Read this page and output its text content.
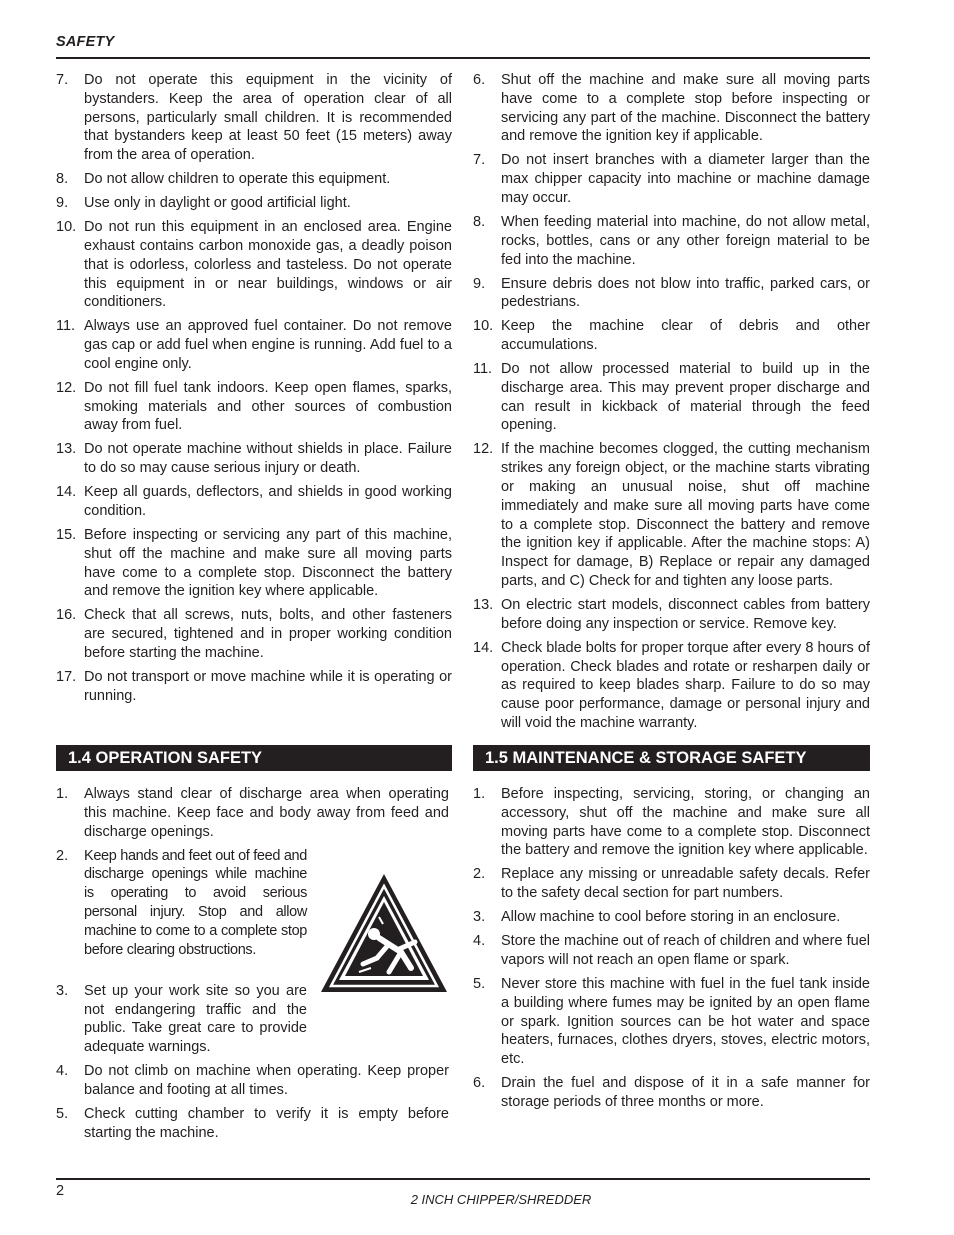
SAFETY
7.	Do not operate this equipment in the vicinity of bystanders. Keep the area of operation clear of all persons, particularly small children. It is recommended that bystanders keep at least 50 feet (15 meters) away from the area of operation.
8.	Do not allow children to operate this equipment.
9.	Use only in daylight or good artificial light.
10. Do not run this equipment in an enclosed area. Engine exhaust contains carbon monoxide gas, a deadly poison that is odorless, colorless and tasteless. Do not operate this equipment in or near buildings, windows or air conditioners.
11. Always use an approved fuel container. Do not remove gas cap or add fuel when engine is running. Add fuel to a cool engine only.
12. Do not fill fuel tank indoors. Keep open flames, sparks, smoking materials and other sources of combustion away from fuel.
13. Do not operate machine without shields in place. Failure to do so may cause serious injury or death.
14. Keep all guards, deflectors, and shields in good working condition.
15. Before inspecting or servicing any part of this machine, shut off the machine and make sure all moving parts have come to a complete stop. Disconnect the battery and remove the ignition key where applicable.
16. Check that all screws, nuts, bolts, and other fasteners are secured, tightened and in proper working condition before starting the machine.
17. Do not transport or move machine while it is operating or running.
6.	Shut off the machine and make sure all moving parts have come to a complete stop before inspecting or servicing any part of the machine. Disconnect the battery and remove the ignition key if applicable.
7.	Do not insert branches with a diameter larger than the max chipper capacity into machine or machine damage may occur.
8.	When feeding material into machine, do not allow metal, rocks, bottles, cans or any other foreign material to be fed into the machine.
9.	Ensure debris does not blow into traffic, parked cars, or pedestrians.
10. Keep the machine clear of debris and other accumulations.
11. Do not allow processed material to build up in the discharge area. This may prevent proper discharge and can result in kickback of material through the feed opening.
12. If the machine becomes clogged, the cutting mechanism strikes any foreign object, or the machine starts vibrating or making an unusual noise, shut off machine immediately and make sure all moving parts have come to a complete stop. Disconnect the battery and remove the ignition key if applicable. After the machine stops: A) Inspect for damage, B) Replace or repair any damaged parts, and C) Check for and tighten any loose parts.
13. On electric start models, disconnect cables from battery before doing any inspection or service. Remove key.
14. Check blade bolts for proper torque after every 8 hours of operation. Check blades and rotate or resharpen daily or as required to keep blades sharp. Failure to do so may cause poor performance, damage or personal injury and will void the machine warranty.
1.4 OPERATION SAFETY
1.	Always stand clear of discharge area when operating this machine. Keep face and body away from feed and discharge openings.
2.	Keep hands and feet out of feed and discharge openings while machine is operating to avoid serious personal injury. Stop and allow machine to come to a complete stop before clearing obstructions.
3.	Set up your work site so you are not endangering traffic and the public. Take great care to provide adequate warnings.
4.	Do not climb on machine when operating. Keep proper balance and footing at all times.
5.	Check cutting chamber to verify it is empty before starting the machine.
1.5 MAINTENANCE & STORAGE SAFETY
1.	Before inspecting, servicing, storing, or changing an accessory, shut off the machine and make sure all moving parts have come to a complete stop. Disconnect the battery and remove the ignition key where applicable.
2.	Replace any missing or unreadable safety decals. Refer to the safety decal section for part numbers.
3.	Allow machine to cool before storing in an enclosure.
4.	Store the machine out of reach of children and where fuel vapors will not reach an open flame or spark.
5.	Never store this machine with fuel in the fuel tank inside a building where fumes may be ignited by an open flame or spark. Ignition sources can be hot water and space heaters, furnaces, clothes dryers, stoves, electric motors, etc.
6.	Drain the fuel and dispose of it in a safe manner for storage periods of three months or more.
2
2 INCH CHIPPER/SHREDDER
